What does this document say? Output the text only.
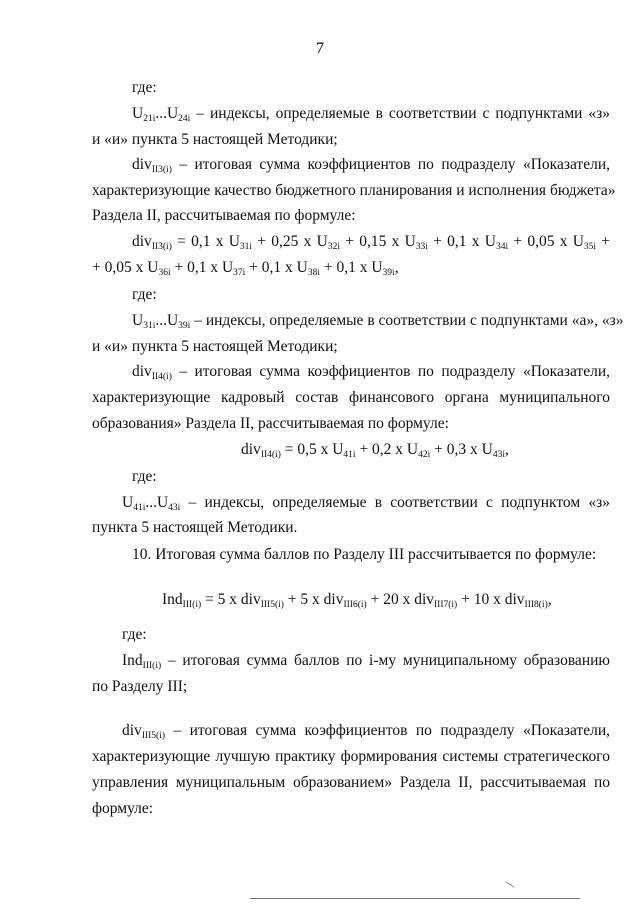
7
где:
$U_{21i}...U_{24i}$ – индексы, определяемые в соответствии с подпунктами «з»
и «и» пункта 5 настоящей Методики;
div$_{II3(i)}$ – итоговая сумма коэффициентов по подразделу «Показатели,
характеризующие качество бюджетного планирования и исполнения бюджета»
Раздела II, рассчитываемая по формуле:
div$_{II3(i)}$ = 0,1 x $U_{31i} + 0,25$ x $U_{32i} + 0,15$ x $U_{33i} + 0,1$ x $U_{34i} + 0,05$ x $U_{35i}$ +
+ 0,05 x $U_{36i} + 0,1$ x $U_{37i} + 0,1$ x $U_{38i} + 0,1$ x $U_{39i}$,
где:
$U_{31i}...U_{39i}$ – индексы, определяемые в соответствии с подпунктами «а», «з»
и «и» пункта 5 настоящей Методики;
div$_{II4(i)}$ – итоговая сумма коэффициентов по подразделу «Показатели,
характеризующие кадровый состав финансового органа муниципального
образования» Раздела II, рассчитываемая по формуле:
div$_{II4(i)}$ = 0,5 x $U_{41i} + 0,2$ x $U_{42i} + 0,3$ x $U_{43i}$,
где:
$U_{41i}...U_{43i}$ – индексы, определяемые в соответствии с подпунктом «з»
пункта 5 настоящей Методики.
10. Итоговая сумма баллов по Разделу III рассчитывается по формуле:
Ind$_{III(i)}$ = 5 x div$_{III5(i)}$ + 5 x div$_{III6(i)}$ + 20 x div$_{III7(i)}$ + 10 x div$_{III8(i)}$,
где:
Ind$_{III(i)}$ – итоговая сумма баллов по i-му муниципальному образованию
по Разделу III;
div$_{III5(i)}$ – итоговая сумма коэффициентов по подразделу «Показатели,
характеризующие лучшую практику формирования системы стратегического
управления муниципальным образованием» Раздела II, рассчитываемая по
формуле:
